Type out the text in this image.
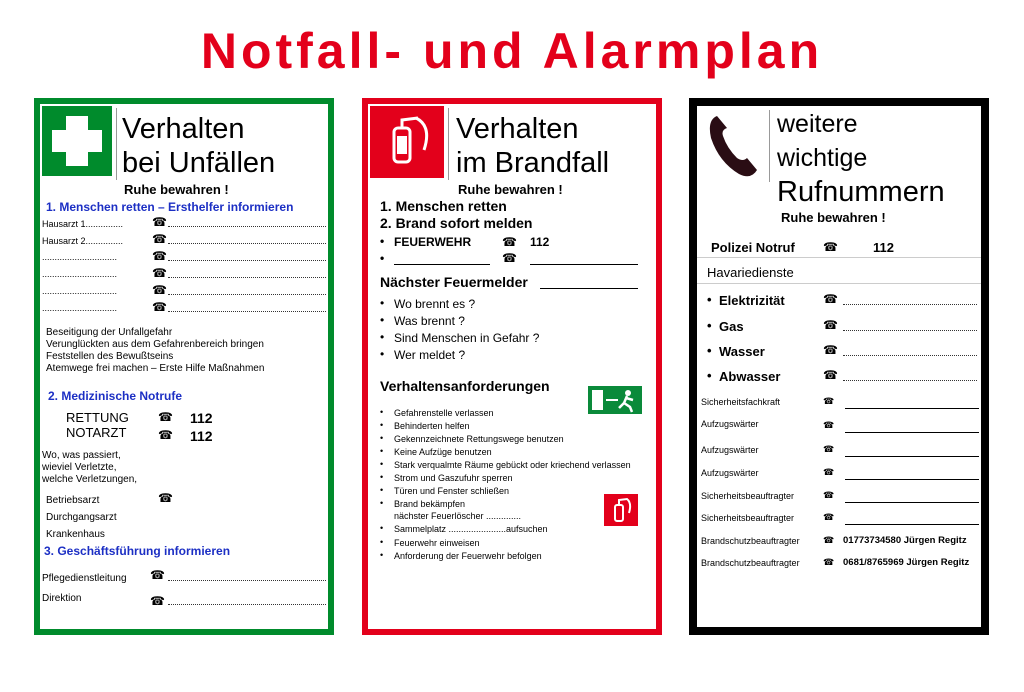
Notfall- und Alarmplan
Verhalten
bei Unfällen
Ruhe bewahren !
1. Menschen retten – Ersthelfer informieren
Hausarzt 1............... ☎
Hausarzt 2............... ☎
..............................	☎
..............................	☎
..............................	☎
..............................	☎
Beseitigung der Unfallgefahr
Verunglückten aus dem Gefahrenbereich bringen
Feststellen des Bewußtseins
Atemwege frei machen – Erste Hilfe Maßnahmen
2. Medizinische Notrufe
RETTUNG ☎ 112
NOTARZT	☎ 112
Wo, was passiert,
wieviel Verletzte,
welche Verletzungen,
Betriebsarzt	☎
Durchgangsarzt
Krankenhaus
3. Geschäftsführung informieren
Pflegedienstleitung ☎
Direktion	☎
Verhalten
im Brandfall
Ruhe bewahren !
1. Menschen retten
2. Brand sofort melden
• FEUERWEHR	☎ 112
•	☎
Nächster Feuermelder
• Wo brennt es ?
• Was brennt ?
• Sind Menschen in Gefahr ?
• Wer meldet ?
Verhaltensanforderungen
• Gefahrenstelle verlassen
• Behinderten helfen
• Gekennzeichnete Rettungswege benutzen
• Keine Aufzüge benutzen
• Stark verqualmte Räume gebückt oder kriechend verlassen
• Strom und Gaszufuhr sperren
• Türen und Fenster schließen
• Brand bekämpfen
nächster Feuerlöscher ..............
• Sammelplatz .......................aufsuchen
• Feuerwehr einweisen
• Anforderung der Feuerwehr befolgen
weitere
wichtige
Rufnummern
Ruhe bewahren !
Polizei Notruf ☎	112
Havariedienste
• Elektrizität	☎
• Gas	☎
• Wasser	☎
• Abwasser	☎
Sicherheitsfachkraft	☎
Aufzugswärter	☎
Aufzugswärter	☎
Aufzugswärter	☎
Sicherheitsbeauftragter	☎
Sicherheitsbeauftragter	☎
Brandschutzbeauftragter	☎ 01773734580 Jürgen Regitz
Brandschutzbeauftragter	☎ 0681/8765969 Jürgen Regitz
